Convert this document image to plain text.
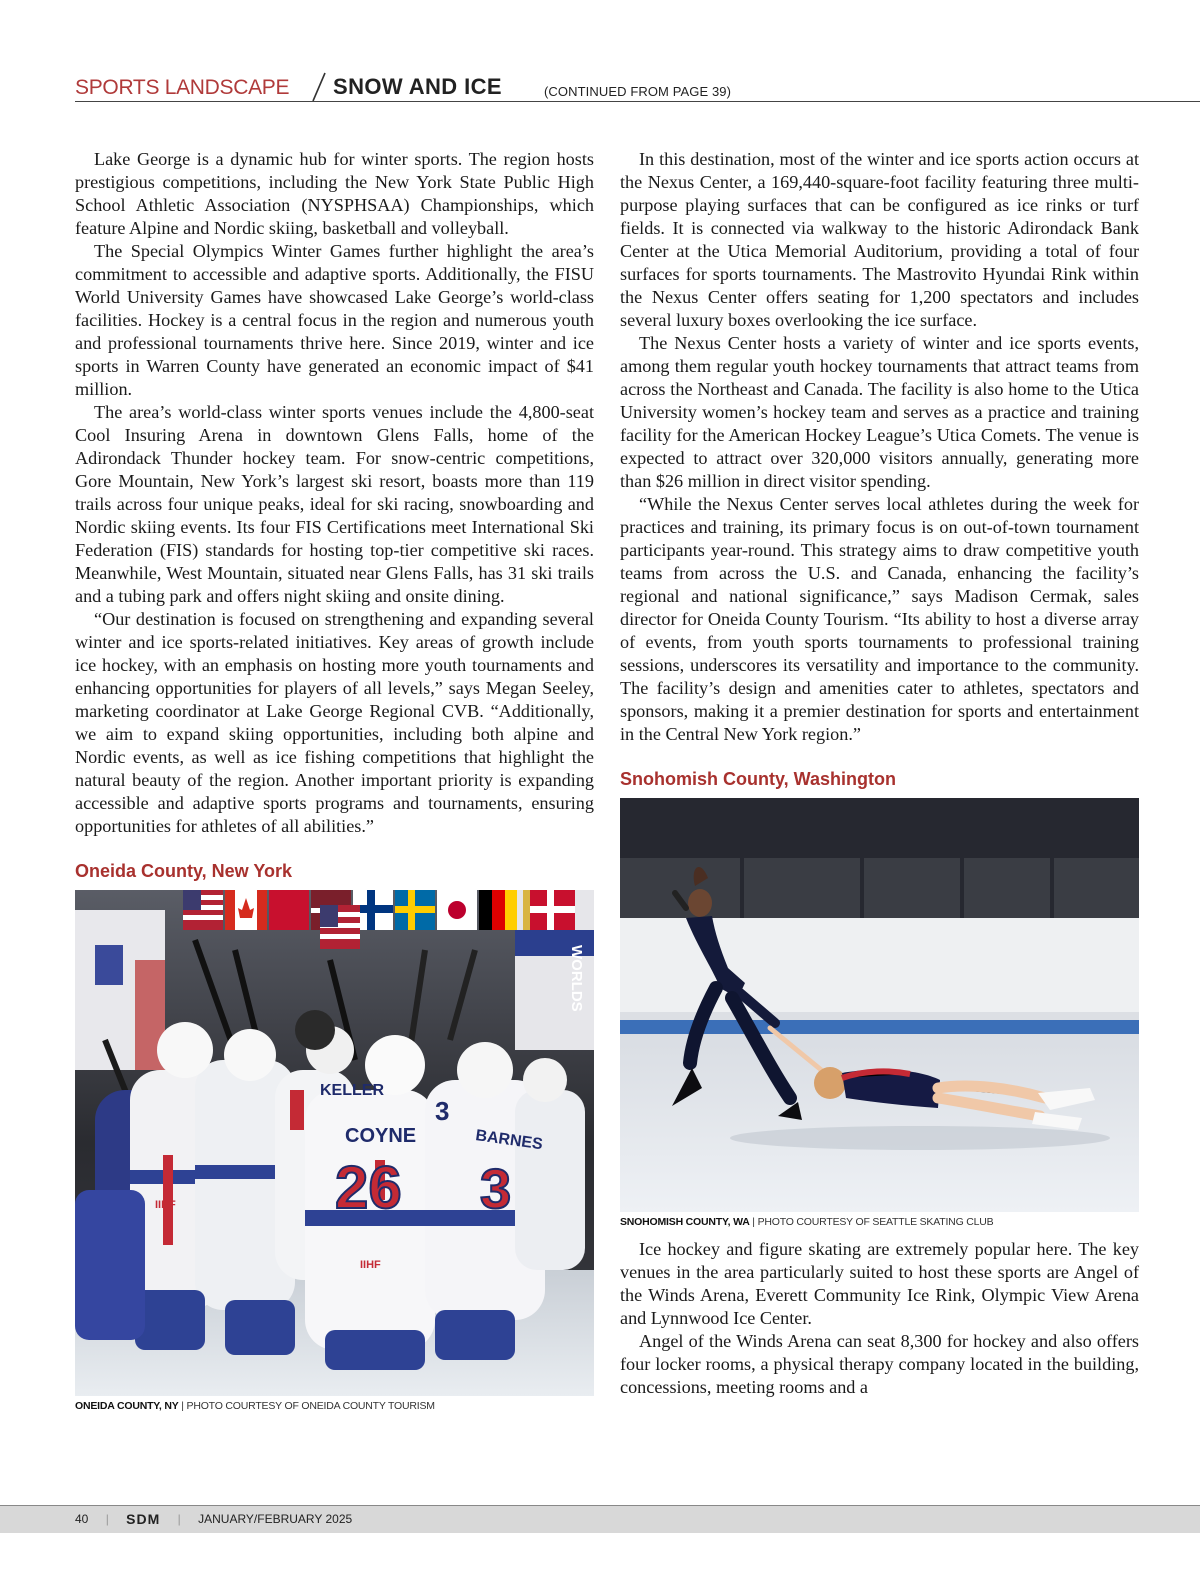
SPORTS LANDSCAPE SNOW AND ICE	(CONTINUED FROM PAGE 39)

Lake George is a dynamic hub for winter sports. The region hosts prestigious competitions, including the New York State Public High School Athletic Association (NYSPHSAA) Championships, which feature Alpine and Nordic skiing, basketball and volleyball.

The Special Olympics Winter Games further highlight the area’s commitment to accessible and adaptive sports. Additionally, the FISU World University Games have showcased Lake George’s world-class facilities. Hockey is a central focus in the region and numerous youth and professional tournaments thrive here. Since 2019, winter and ice sports in Warren County have generated an economic impact of $41 million.

The area’s world-class winter sports venues include the 4,800-seat Cool Insuring Arena in downtown Glens Falls, home of the Adirondack Thunder hockey team. For snow-centric competitions, Gore Mountain, New York’s largest ski resort, boasts more than 119 trails across four unique peaks, ideal for ski racing, snowboarding and Nordic skiing events. Its four FIS Certifications meet International Ski Federation (FIS) standards for hosting top-tier competitive ski races. Meanwhile, West Mountain, situated near Glens Falls, has 31 ski trails and a tubing park and offers night skiing and onsite dining.

“Our destination is focused on strengthening and expanding several winter and ice sports-related initiatives. Key areas of growth include ice hockey, with an emphasis on hosting more youth tournaments and enhancing opportunities for players of all levels,” says Megan Seeley, marketing coordinator at Lake George Regional CVB. “Additionally, we aim to expand skiing opportunities, including both alpine and Nordic events, as well as ice fishing competitions that highlight the natural beauty of the region. Another important priority is expanding accessible and adaptive sports programs and tournaments, ensuring opportunities for athletes of all abilities.”

Oneida County, New York
WORLDS
KELLER
COYNE
26
BARNES
3
3
IIHF
IIHF

ONEIDA COUNTY, NY | PHOTO COURTESY OF ONEIDA COUNTY TOURISM

In this destination, most of the winter and ice sports action occurs at the Nexus Center, a 169,440-square-foot facility featuring three multi-purpose playing surfaces that can be configured as ice rinks or turf fields. It is connected via walkway to the historic Adirondack Bank Center at the Utica Memorial Auditorium, providing a total of four surfaces for sports tournaments. The Mastrovito Hyundai Rink within the Nexus Center offers seating for 1,200 spectators and includes several luxury boxes overlooking the ice surface.

The Nexus Center hosts a variety of winter and ice sports events, among them regular youth hockey tournaments that attract teams from across the Northeast and Canada. The facility is also home to the Utica University women’s hockey team and serves as a practice and training facility for the American Hockey League’s Utica Comets. The venue is expected to attract over 320,000 visitors annually, generating more than $26 million in direct visitor spending.

“While the Nexus Center serves local athletes during the week for practices and training, its primary focus is on out-of-town tournament participants year-round. This strategy aims to draw competitive youth teams from across the U.S. and Canada, enhancing the facility’s regional and national significance,” says Madison Cermak, sales director for Oneida County Tourism. “Its ability to host a diverse array of events, from youth sports tournaments to professional training sessions, underscores its versatility and importance to the community. The facility’s design and amenities cater to athletes, spectators and sponsors, making it a premier destination for sports and entertainment in the Central New York region.”

Snohomish County, Washington

SNOHOMISH COUNTY, WA | PHOTO COURTESY OF SEATTLE SKATING CLUB

Ice hockey and figure skating are extremely popular here. The key venues in the area particularly suited to host these sports are Angel of the Winds Arena, Everett Community Ice Rink, Olympic View Arena and Lynnwood Ice Center.

Angel of the Winds Arena can seat 8,300 for hockey and also offers four locker rooms, a physical therapy company located in the building, concessions, meeting rooms and a

40 | SDM | JANUARY/FEBRUARY 2025
